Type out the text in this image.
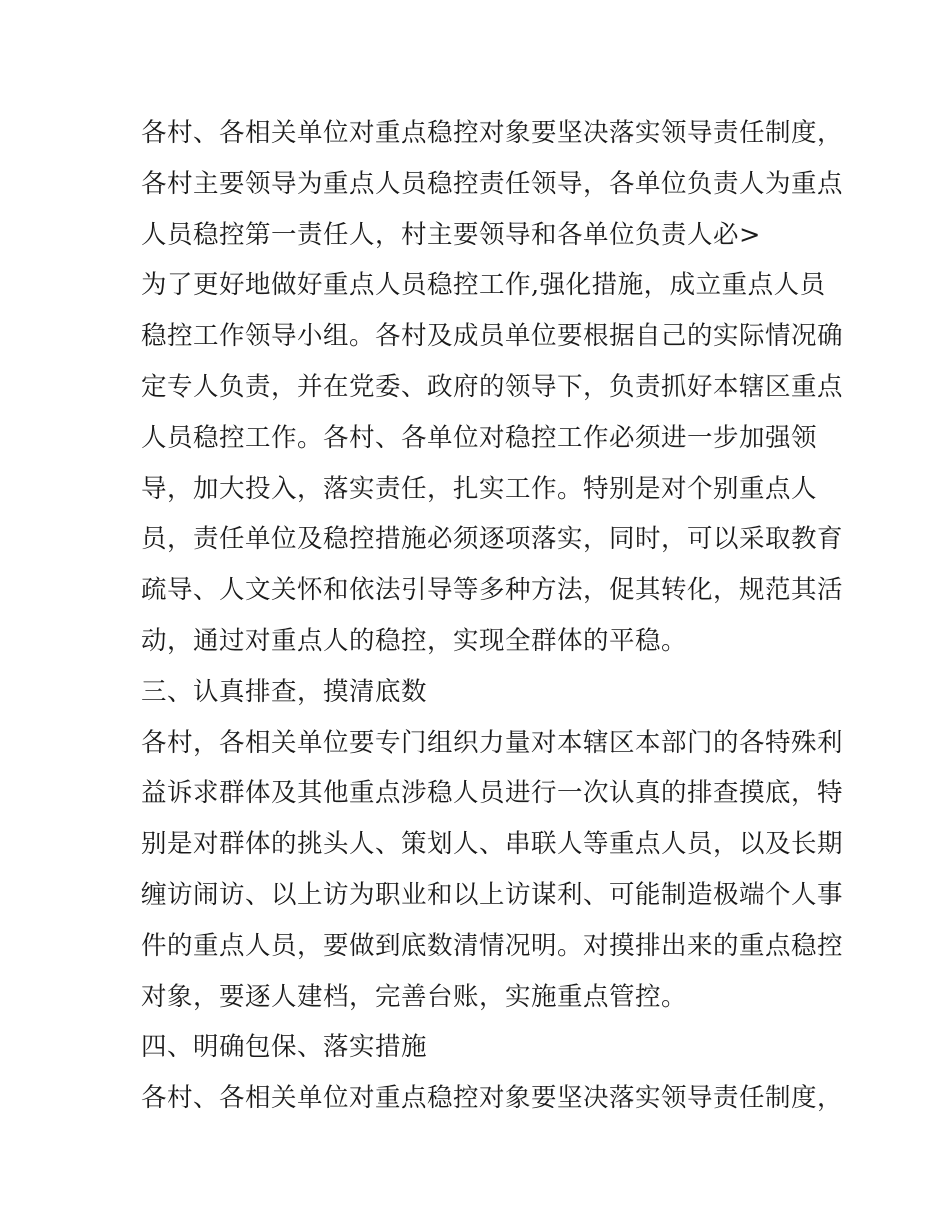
各村、各相关单位对重点稳控对象要坚决落实领导责任制度，
各村主要领导为重点人员稳控责任领导，各单位负责人为重点
人员稳控第一责任人，村主要领导和各单位负责人必>
为了更好地做好重点人员稳控工作,强化措施，成立重点人员
稳控工作领导小组。各村及成员单位要根据自己的实际情况确
定专人负责，并在党委、政府的领导下，负责抓好本辖区重点
人员稳控工作。各村、各单位对稳控工作必须进一步加强领
导，加大投入，落实责任，扎实工作。特别是对个别重点人
员，责任单位及稳控措施必须逐项落实，同时，可以采取教育
疏导、人文关怀和依法引导等多种方法，促其转化，规范其活
动，通过对重点人的稳控，实现全群体的平稳。
三、认真排查，摸清底数
各村，各相关单位要专门组织力量对本辖区本部门的各特殊利
益诉求群体及其他重点涉稳人员进行一次认真的排查摸底，特
别是对群体的挑头人、策划人、串联人等重点人员，以及长期
缠访闹访、以上访为职业和以上访谋利、可能制造极端个人事
件的重点人员，要做到底数清情况明。对摸排出来的重点稳控
对象，要逐人建档，完善台账，实施重点管控。
四、明确包保、落实措施
各村、各相关单位对重点稳控对象要坚决落实领导责任制度，
